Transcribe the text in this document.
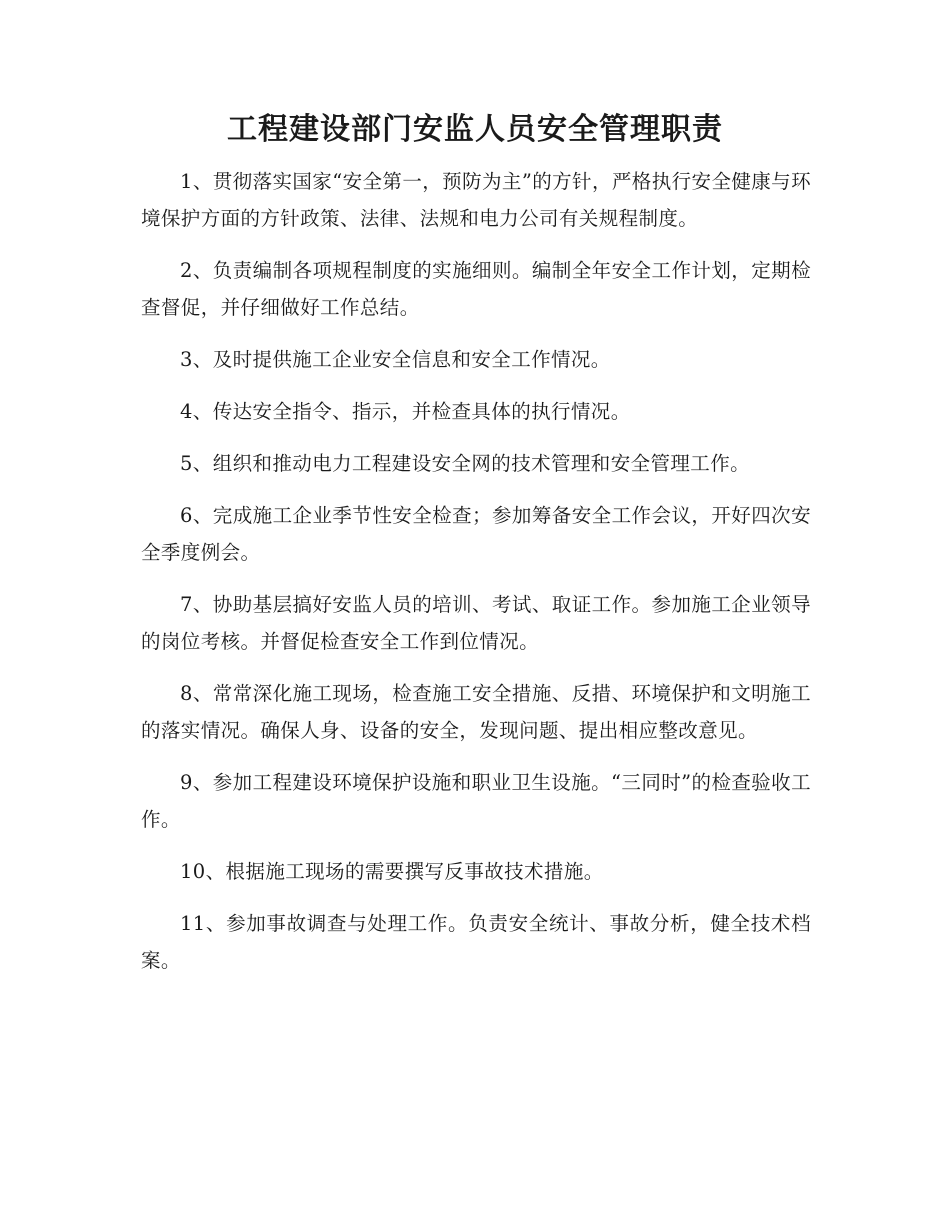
工程建设部门安监人员安全管理职责

1、贯彻落实国家“安全第一，预防为主”的方针，严格执行安全健康与环境保护方面的方针政策、法律、法规和电力公司有关规程制度。

2、负责编制各项规程制度的实施细则。编制全年安全工作计划，定期检查督促，并仔细做好工作总结。

3、及时提供施工企业安全信息和安全工作情况。

4、传达安全指令、指示，并检查具体的执行情况。

5、组织和推动电力工程建设安全网的技术管理和安全管理工作。

6、完成施工企业季节性安全检查；参加筹备安全工作会议，开好四次安全季度例会。

7、协助基层搞好安监人员的培训、考试、取证工作。参加施工企业领导的岗位考核。并督促检查安全工作到位情况。

8、常常深化施工现场，检查施工安全措施、反措、环境保护和文明施工的落实情况。确保人身、设备的安全，发现问题、提出相应整改意见。

9、参加工程建设环境保护设施和职业卫生设施。“三同时”的检查验收工作。

10、根据施工现场的需要撰写反事故技术措施。

11、参加事故调查与处理工作。负责安全统计、事故分析，健全技术档案。
